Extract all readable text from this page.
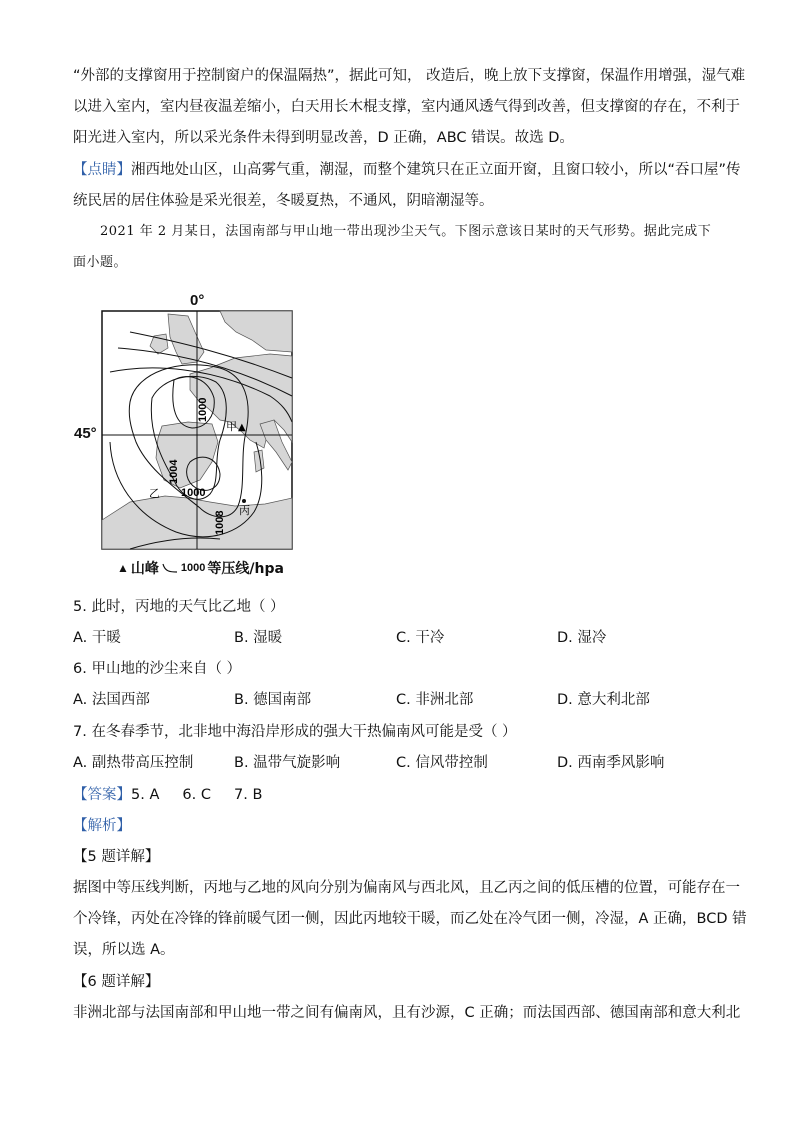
“外部的支撑窗用于控制窗户的保温隔热”，据此可知， 改造后，晚上放下支撑窗，保温作用增强，湿气难
以进入室内，室内昼夜温差缩小，白天用长木棍支撑，室内通风透气得到改善，但支撑窗的存在，不利于
阳光进入室内，所以采光条件未得到明显改善，D 正确，ABC 错误。故选 D。
【点睛】湘西地处山区，山高雾气重，潮湿，而整个建筑只在正立面开窗，且窗口较小，所以“吞口屋”传
统民居的居住体验是采光很差，冬暖夏热，不通风，阴暗潮湿等。
2021 年 2 月某日，法国南部与甲山地一带出现沙尘天气。下图示意该日某时的天气形势。据此完成下
面小题。
1000
1004
1000
1008
甲 ▲
乙
丙
0°
45°
▲ 山峰 1000 等压线/hpa
5. 此时，丙地的天气比乙地（ ）
A. 干暖	B. 湿暖	C. 干冷	D. 湿冷
6. 甲山地的沙尘来自（ ）
A. 法国西部	B. 德国南部	C. 非洲北部	D. 意大利北部
7. 在冬春季节，北非地中海沿岸形成的强大干热偏南风可能是受（ ）
A. 副热带高压控制	B. 温带气旋影响	C. 信风带控制	D. 西南季风影响
【答案】5. A     6. C     7. B
【解析】
【5 题详解】
据图中等压线判断，丙地与乙地的风向分别为偏南风与西北风，且乙丙之间的低压槽的位置，可能存在一
个冷锋，丙处在冷锋的锋前暖气团一侧，因此丙地较干暖，而乙处在冷气团一侧，冷湿，A 正确，BCD 错
误，所以选 A。
【6 题详解】
非洲北部与法国南部和甲山地一带之间有偏南风，且有沙源，C 正确；而法国西部、德国南部和意大利北
